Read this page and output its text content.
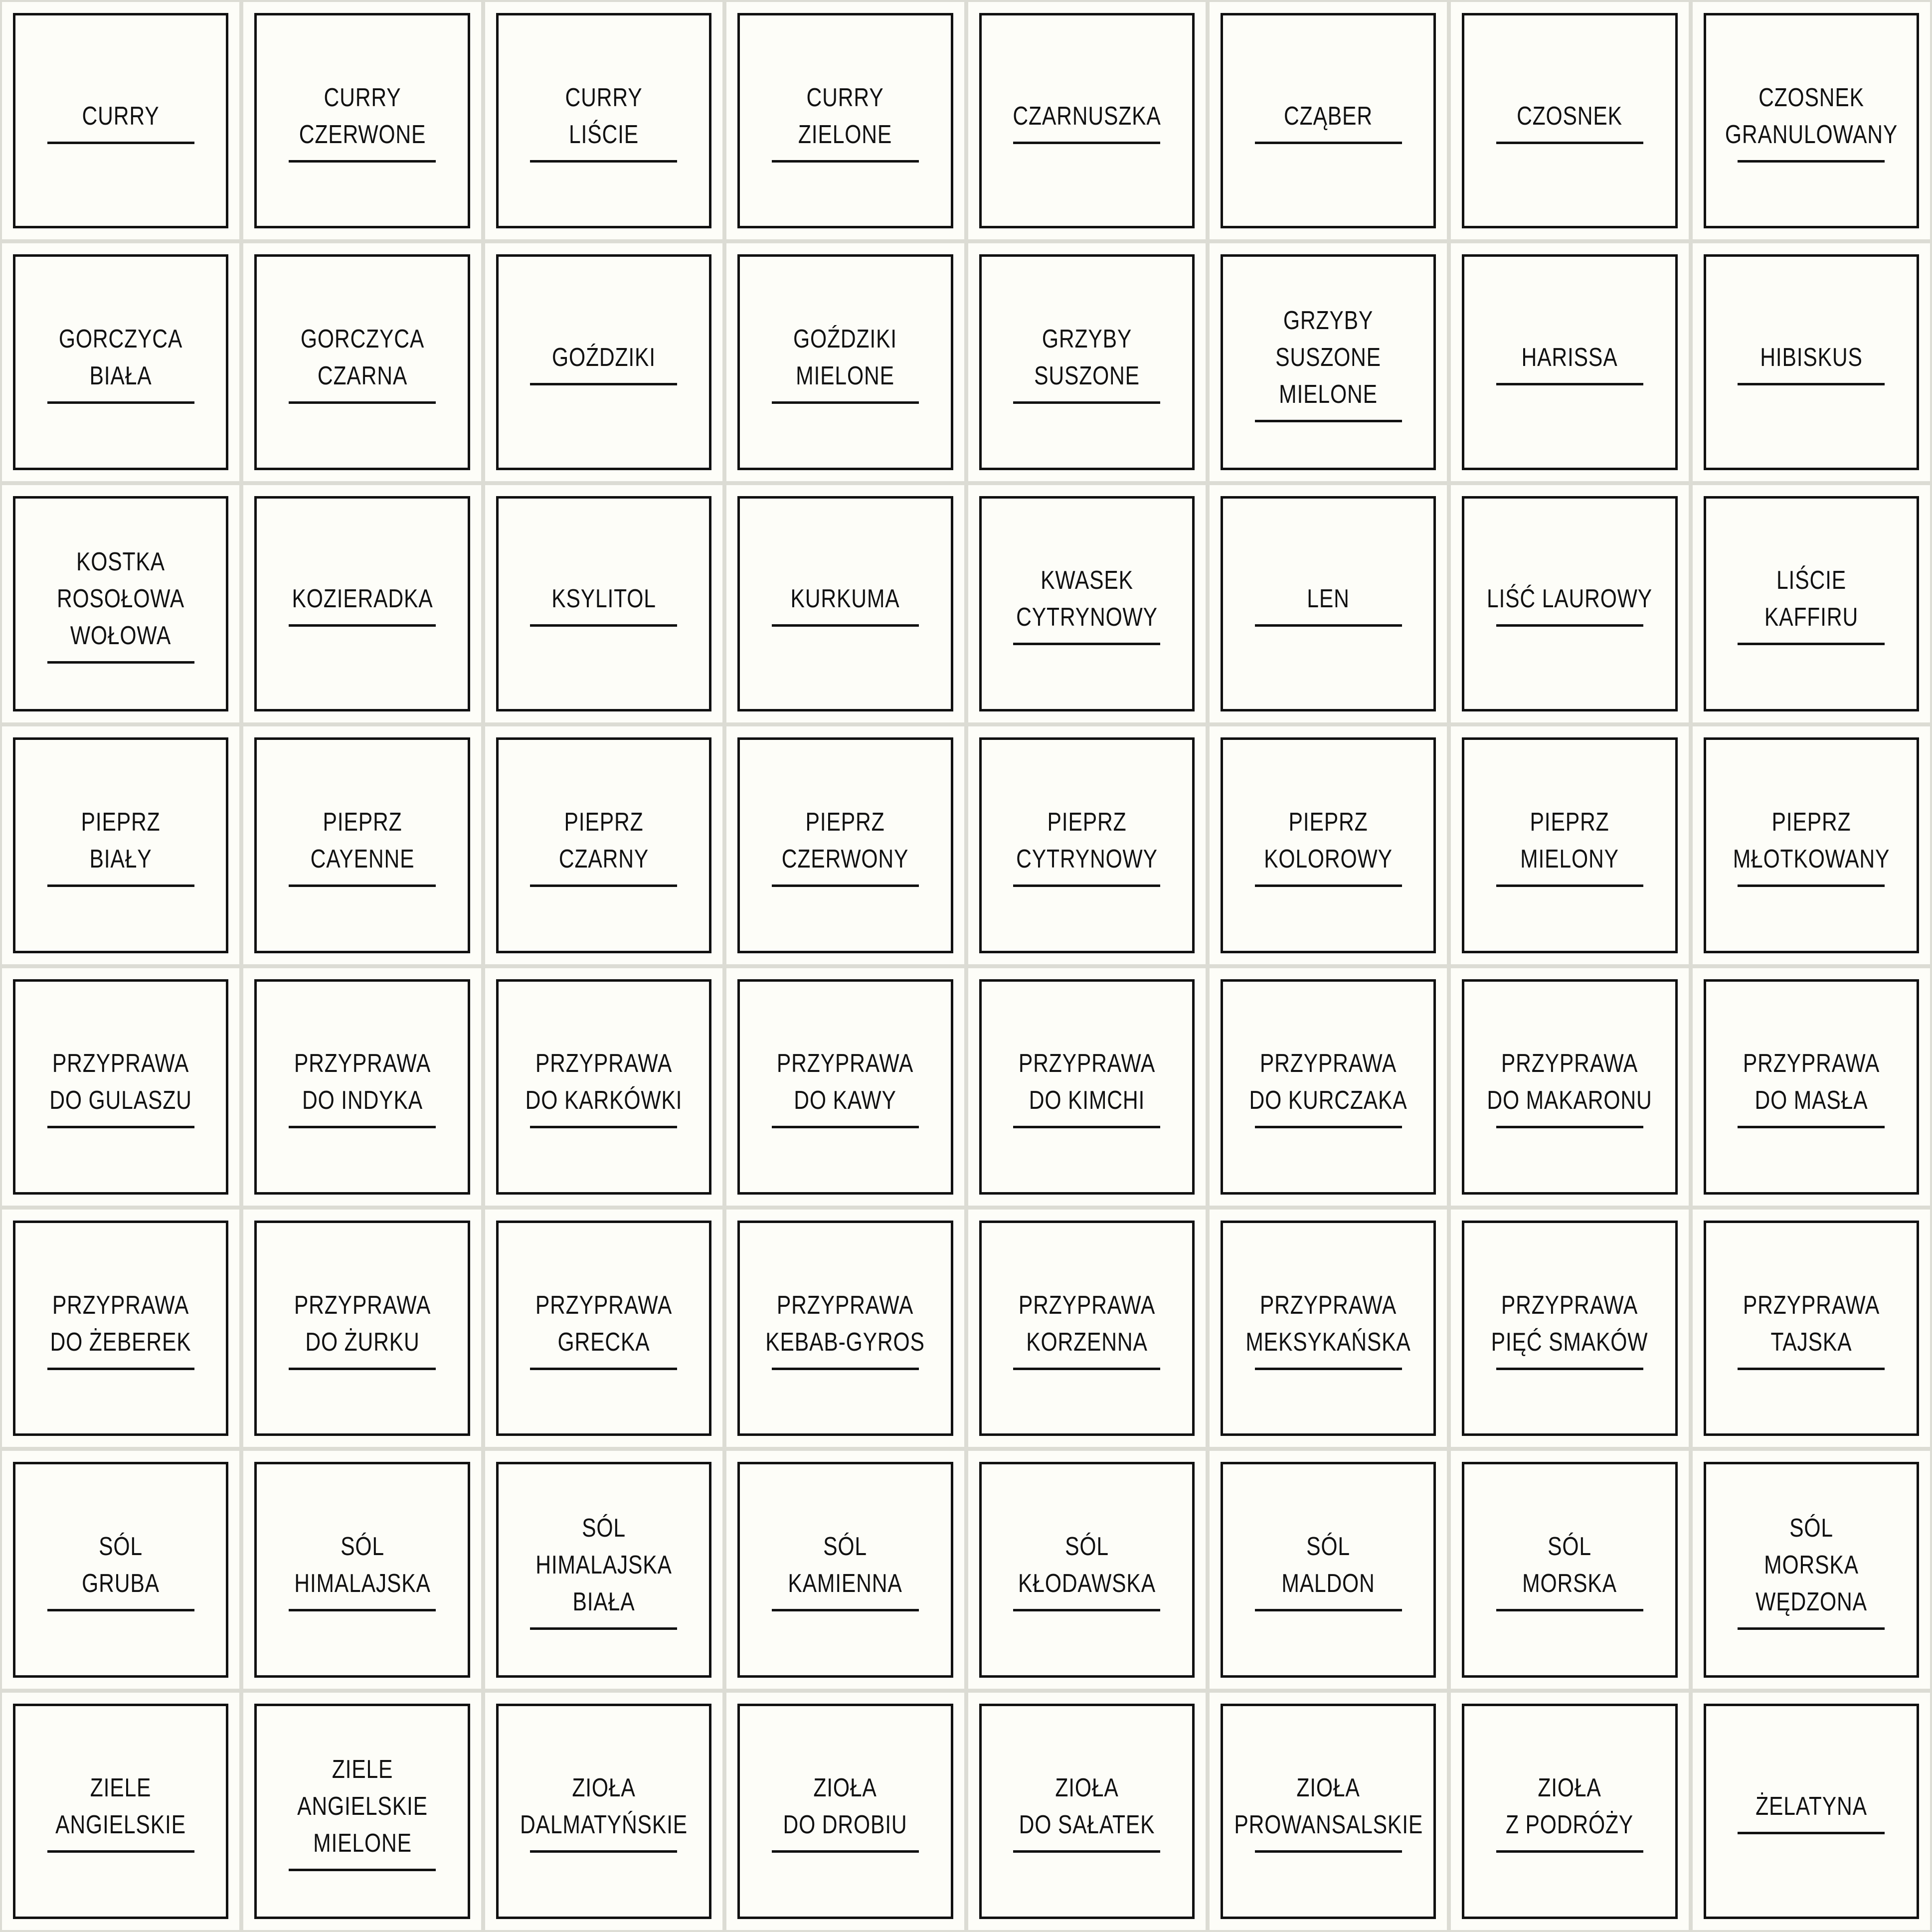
CURRY
CURRY
CZERWONE
CURRY
LIŚCIE
CURRY
ZIELONE
CZARNUSZKA	CZĄBER	CZOSNEK
CZOSNEK
GRANULOWANY
GORCZYCA
BIAŁA
GORCZYCA
CZARNA
GOŹDZIKI
GOŹDZIKI
MIELONE
GRZYBY
SUSZONE
GRZYBY SUSZONE
MIELONE
HARISSA	HIBISKUS
KOSTKA
ROSOŁOWA
WOŁOWA
KOZIERADKA	KSYLITOL	KURKUMA
KWASEK
CYTRYNOWY
LEN	LIŚĆ LAUROWY
LIŚCIE
KAFFIRU
PIEPRZ
BIAŁY
PIEPRZ
CAYENNE
PIEPRZ
CZARNY
PIEPRZ
CZERWONY
PIEPRZ
CYTRYNOWY
PIEPRZ
KOLOROWY
PIEPRZ
MIELONY
PIEPRZ
MŁOTKOWANY
PRZYPRAWA
DO GULASZU
PRZYPRAWA
DO INDYKA
PRZYPRAWA
DO KARKÓWKI
PRZYPRAWA
DO KAWY
PRZYPRAWA
DO KIMCHI
PRZYPRAWA
DO KURCZAKA
PRZYPRAWA
DO MAKARONU
PRZYPRAWA
DO MASŁA
PRZYPRAWA
DO ŻEBEREK
PRZYPRAWA
DO ŻURKU
PRZYPRAWA
GRECKA
PRZYPRAWA
KEBAB-GYROS
PRZYPRAWA
KORZENNA
PRZYPRAWA
MEKSYKAŃSKA
PRZYPRAWA
PIĘĆ SMAKÓW
PRZYPRAWA
TAJSKA
SÓL
GRUBA
SÓL
HIMALAJSKA
SÓL
HIMALAJSKA
BIAŁA
SÓL
KAMIENNA
SÓL
KŁODAWSKA
SÓL
MALDON
SÓL
MORSKA
SÓL
MORSKA
WĘDZONA
ZIELE
ANGIELSKIE
ZIELE ANGIELSKIE
MIELONE
ZIOŁA
DALMATYŃSKIE
ZIOŁA
DO DROBIU
ZIOŁA
DO SAŁATEK
ZIOŁA
PROWANSALSKIE
ZIOŁA
Z PODRÓŻY
ŻELATYNA
